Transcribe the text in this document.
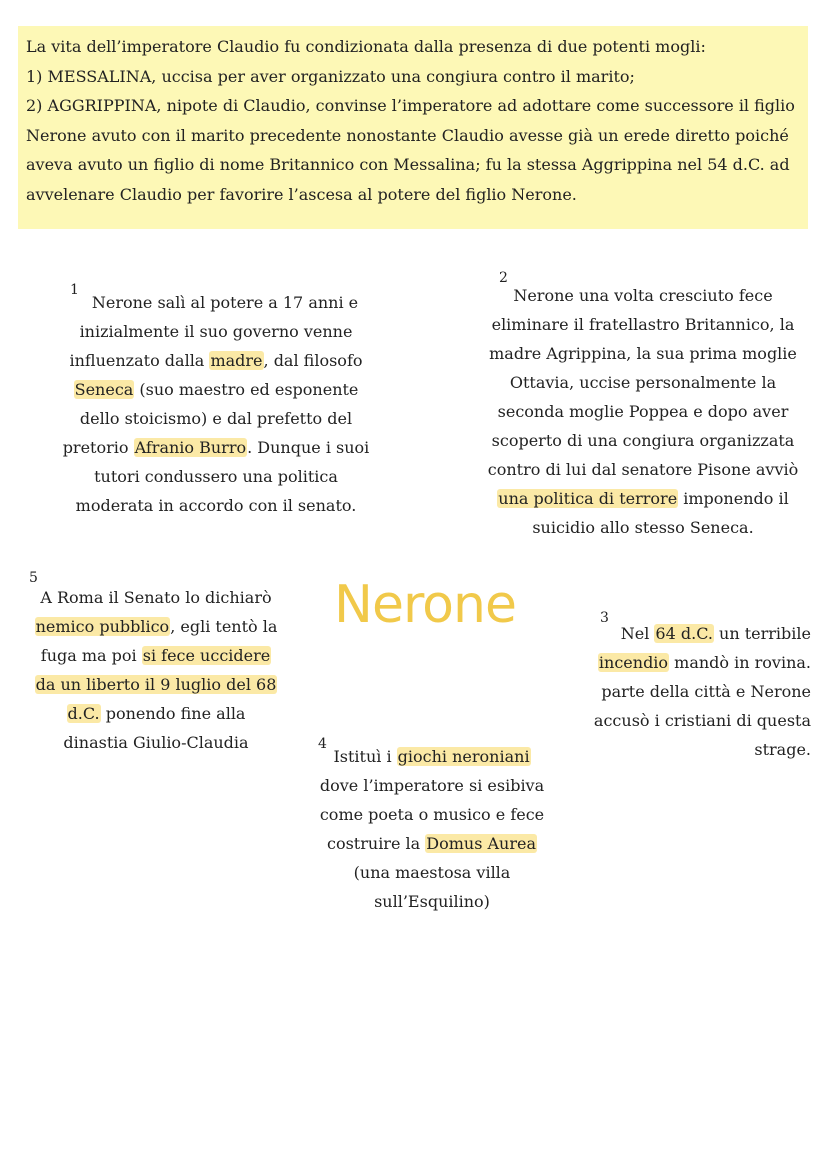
La vita dell’imperatore Claudio fu condizionata dalla presenza di due potenti mogli:

1) MESSALINA, uccisa per aver organizzato una congiura contro il marito;

2) AGGRIPPINA, nipote di Claudio, convinse l’imperatore ad adottare come successore il figlio

Nerone avuto con il marito precedente nonostante Claudio avesse già un erede diretto poiché

aveva avuto un figlio di nome Britannico con Messalina; fu la stessa Aggrippina nel 54 d.C. ad

avvelenare Claudio per favorire l’ascesa al potere del figlio Nerone.

1

Nerone salì al potere a 17 anni e

inizialmente il suo governo venne

influenzato dalla madre, dal filosofo

Seneca (suo maestro ed esponente

dello stoicismo) e dal prefetto del

pretorio Afranio Burro. Dunque i suoi

tutori condussero una politica

moderata in accordo con il senato.

2

Nerone una volta cresciuto fece

eliminare il fratellastro Britannico, la

madre Agrippina, la sua prima moglie

Ottavia, uccise personalmente la

seconda moglie Poppea e dopo aver

scoperto di una congiura organizzata

contro di lui dal senatore Pisone avviò

una politica di terrore imponendo il

suicidio allo stesso Seneca.

Nerone
5

A Roma il Senato lo dichiarò

nemico pubblico, egli tentò la

fuga ma poi si fece uccidere

da un liberto il 9 luglio del 68

d.C. ponendo fine alla

dinastia Giulio-Claudia

3

Nel 64 d.C. un terribile

incendio mandò in rovina.

parte della città e Nerone

accusò i cristiani di questa

strage.

4

Istituì i giochi neroniani

dove l’imperatore si esibiva

come poeta o musico e fece

costruire la Domus Aurea

(una maestosa villa

sull’Esquilino)
